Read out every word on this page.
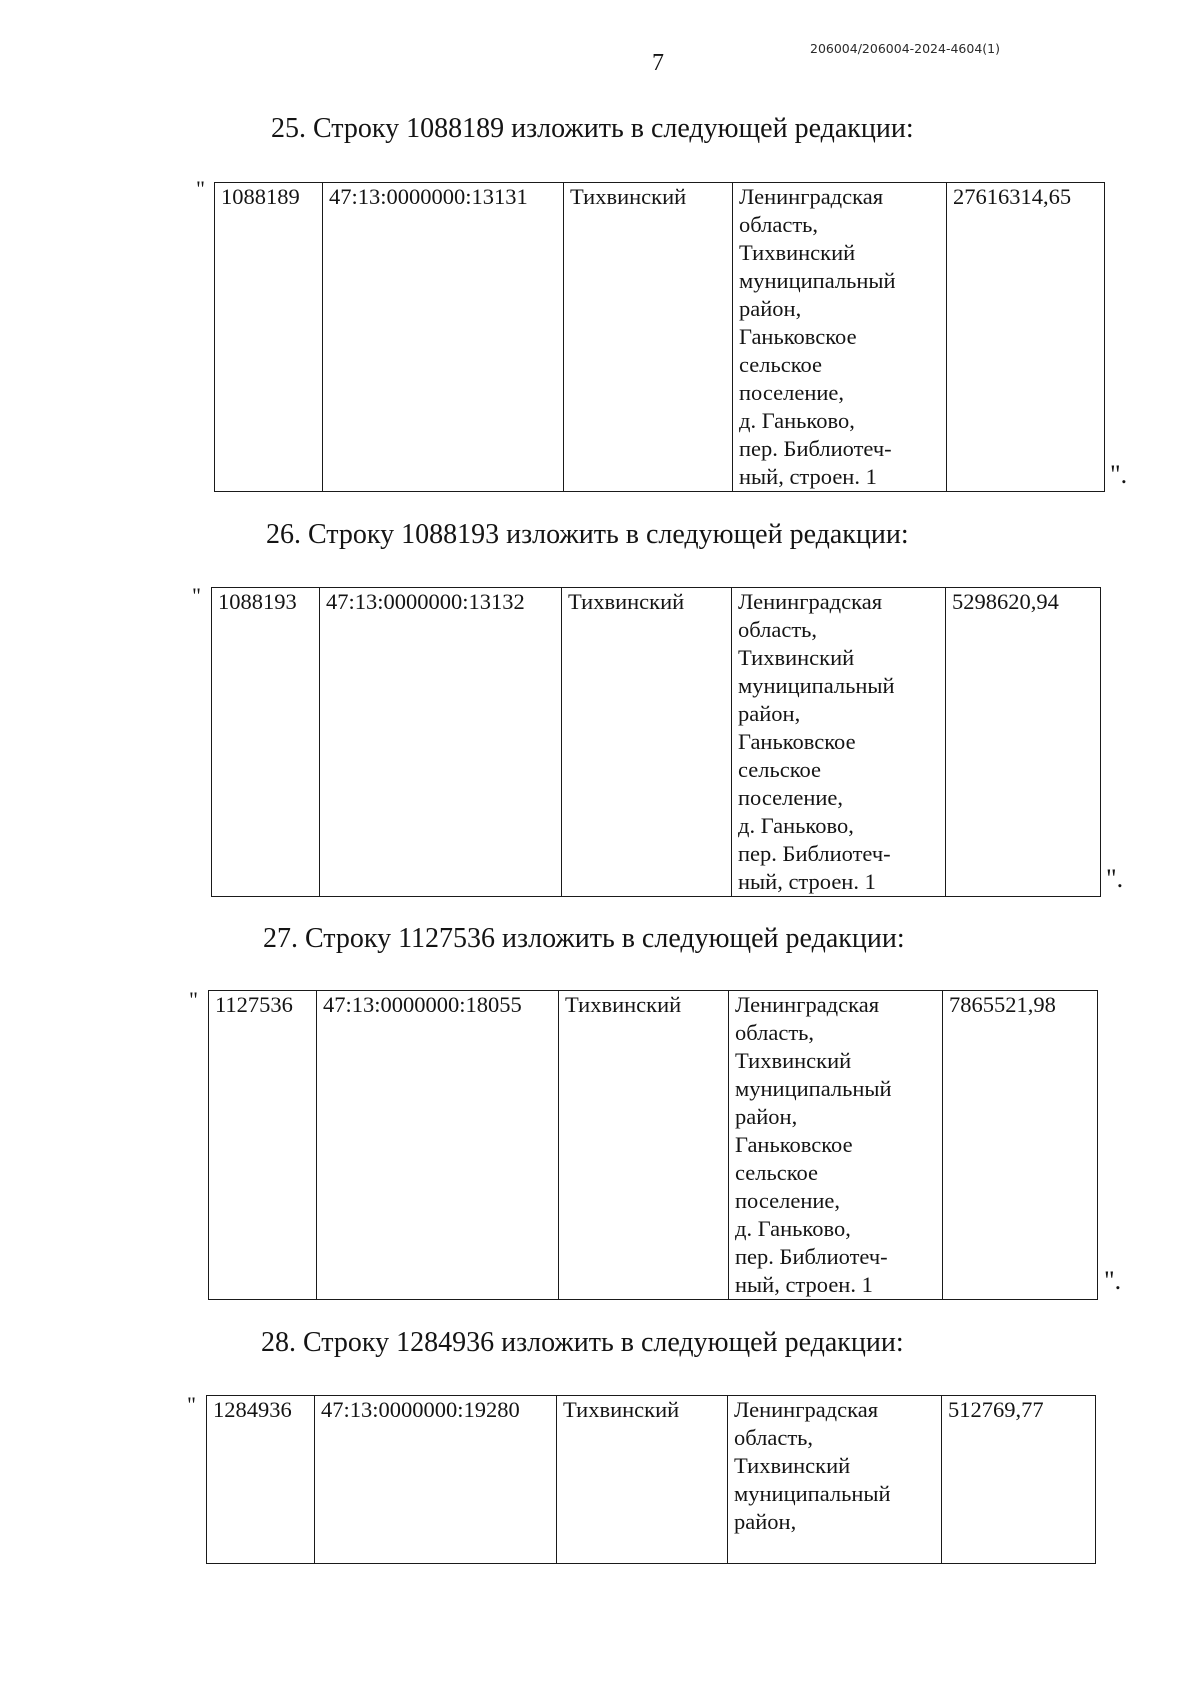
7
206004/206004-2024-4604(1)
25. Строку 1088189 изложить в следующей редакции:
" 1088189	47:13:0000000:13131	Тихвинский	Ленинградская
область,
Тихвинский
муниципальный
район,
Ганьковское
сельское
поселение,
д. Ганьково,
пер. Библиотеч-
ный, строен. 1
	27616314,65
".
26. Строку 1088193 изложить в следующей редакции:
" 1088193	47:13:0000000:13132	Тихвинский	Ленинградская
область,
Тихвинский
муниципальный
район,
Ганьковское
сельское
поселение,
д. Ганьково,
пер. Библиотеч-
ный, строен. 1
	5298620,94
".
27. Строку 1127536 изложить в следующей редакции:
" 1127536	47:13:0000000:18055	Тихвинский	Ленинградская
область,
Тихвинский
муниципальный
район,
Ганьковское
сельское
поселение,
д. Ганьково,
пер. Библиотеч-
ный, строен. 1
	7865521,98
".
28. Строку 1284936 изложить в следующей редакции:
" 1284936	47:13:0000000:19280	Тихвинский	Ленинградская
область,
Тихвинский
муниципальный
район,
	512769,77
